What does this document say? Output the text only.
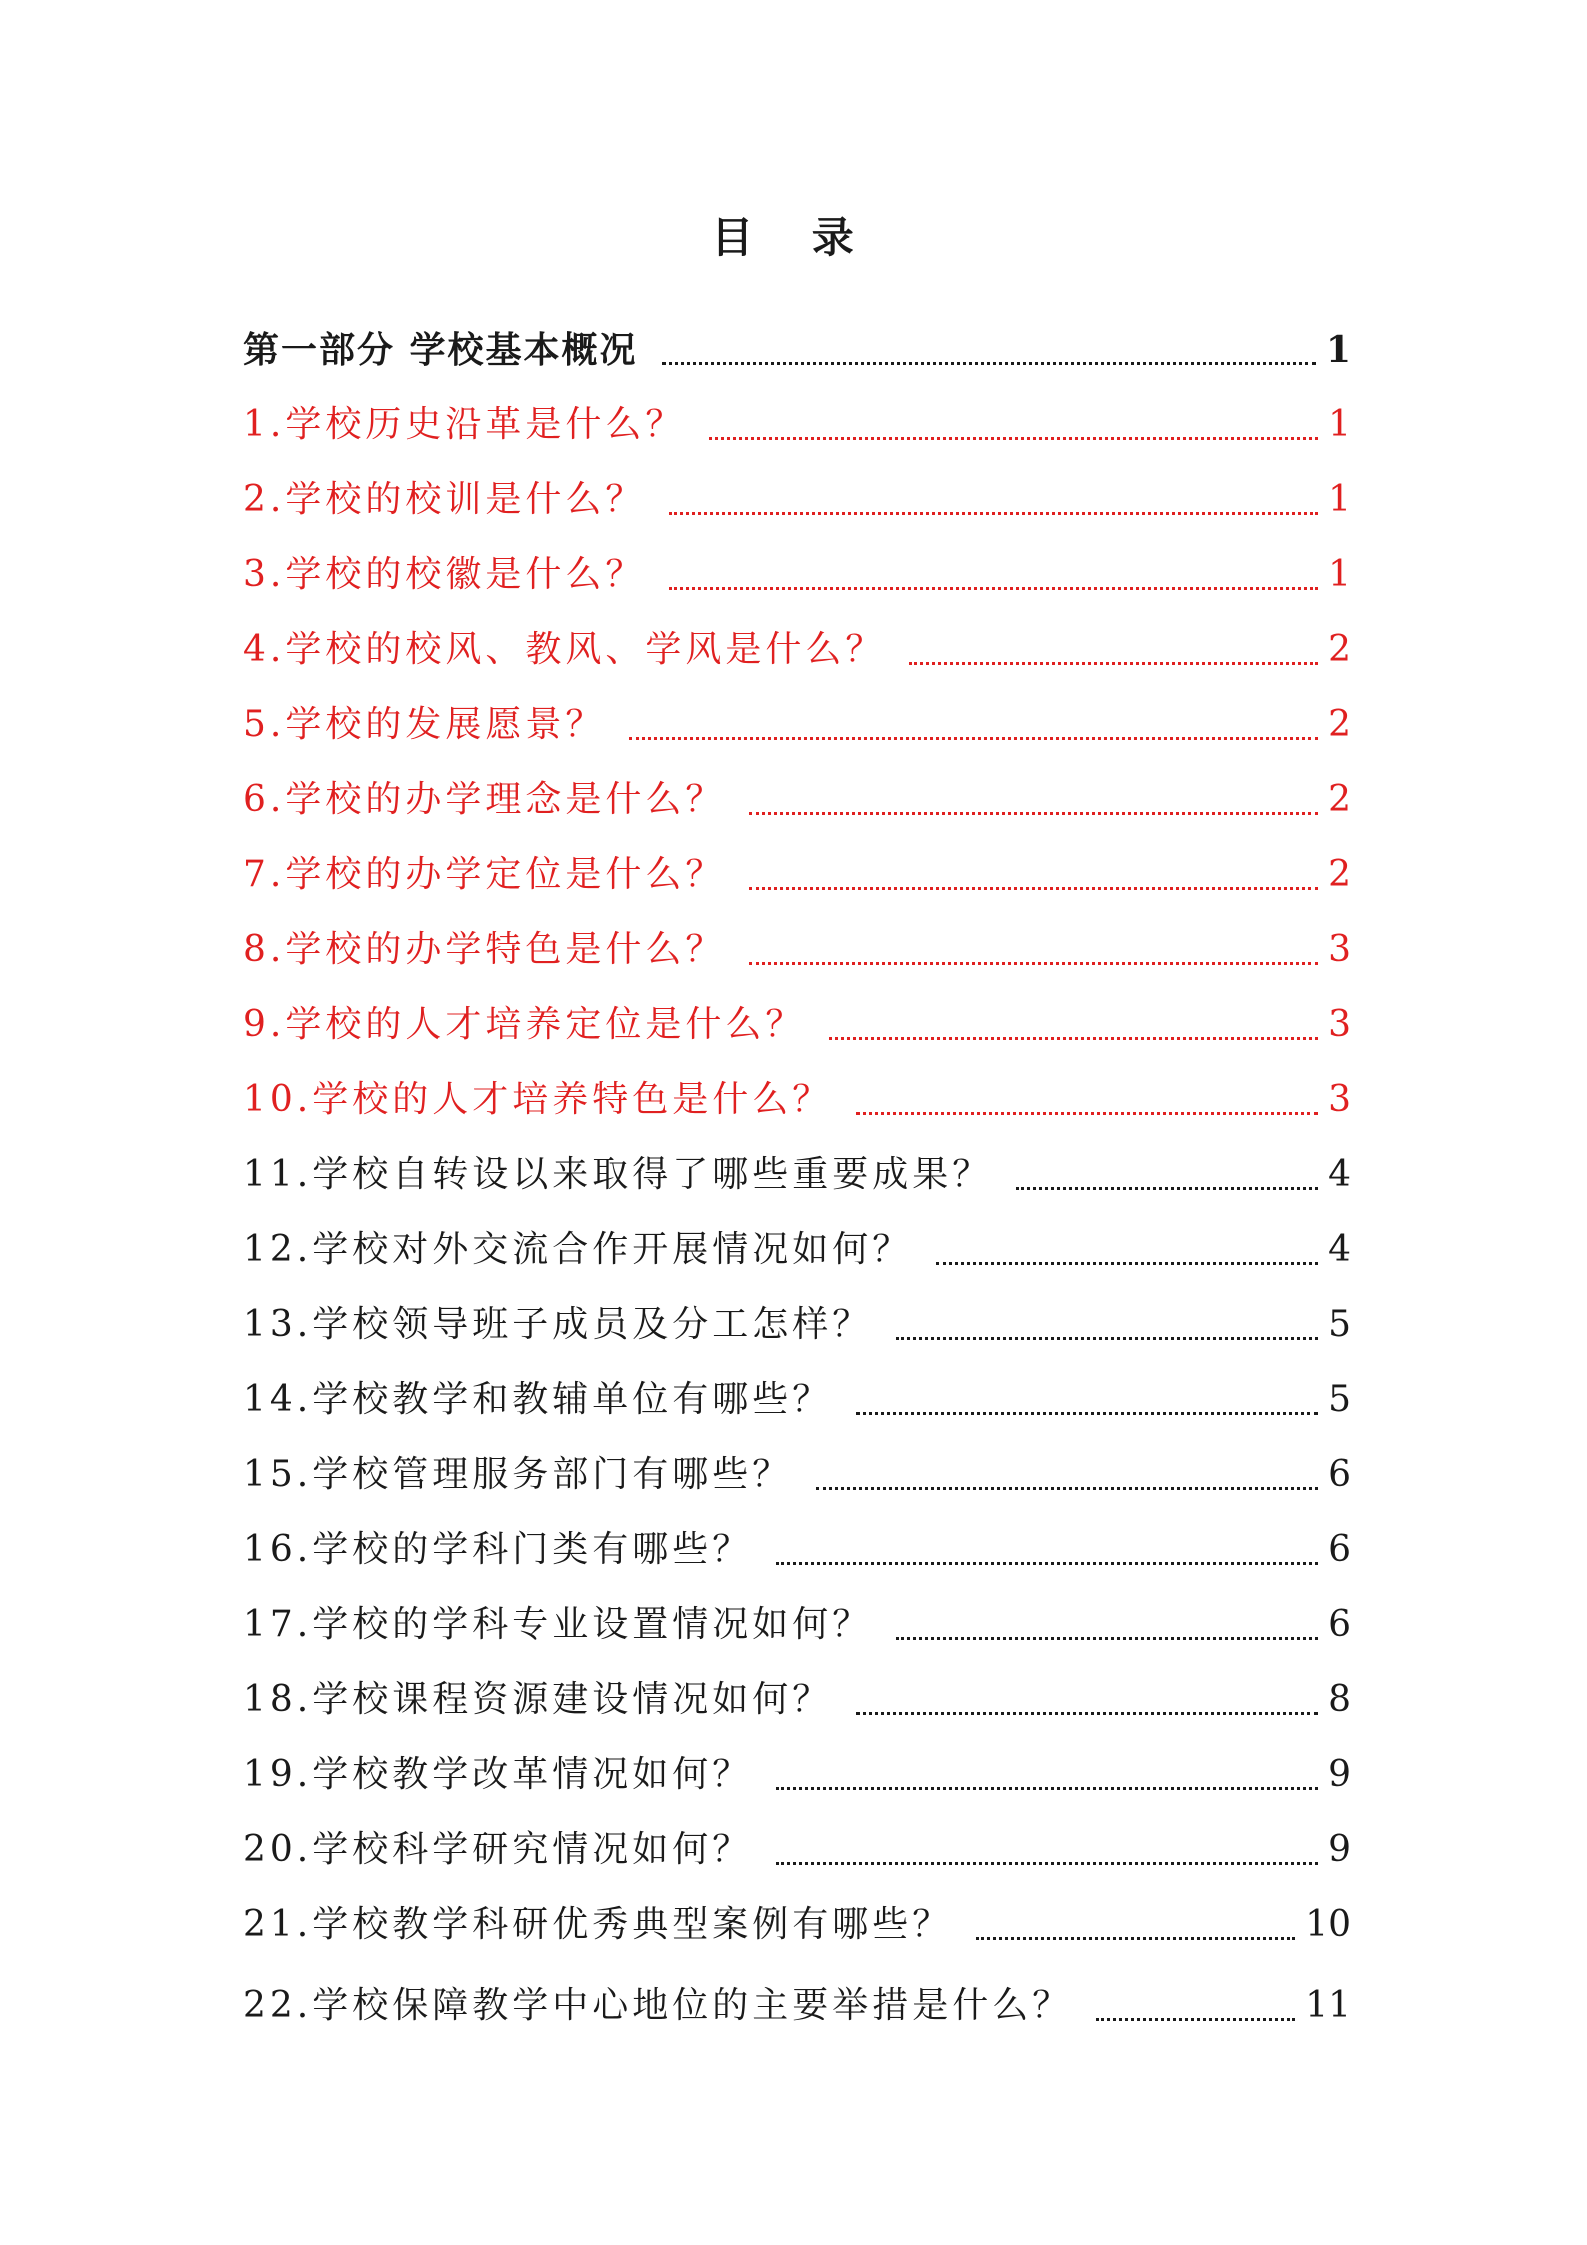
目 录
第一部分 学校基本概况	1
1.学校历史沿革是什么？	1
2.学校的校训是什么？	1
3.学校的校徽是什么？	1
4.学校的校风、教风、学风是什么？	2
5.学校的发展愿景？	2
6.学校的办学理念是什么？	2
7.学校的办学定位是什么？	2
8.学校的办学特色是什么？	3
9.学校的人才培养定位是什么？	3
10.学校的人才培养特色是什么？	3
11.学校自转设以来取得了哪些重要成果？	4
12.学校对外交流合作开展情况如何？	4
13.学校领导班子成员及分工怎样？	5
14.学校教学和教辅单位有哪些？	5
15.学校管理服务部门有哪些？	6
16.学校的学科门类有哪些？	6
17.学校的学科专业设置情况如何？	6
18.学校课程资源建设情况如何？	8
19.学校教学改革情况如何？	9
20.学校科学研究情况如何？	9
21.学校教学科研优秀典型案例有哪些？	10
22.学校保障教学中心地位的主要举措是什么？	11
